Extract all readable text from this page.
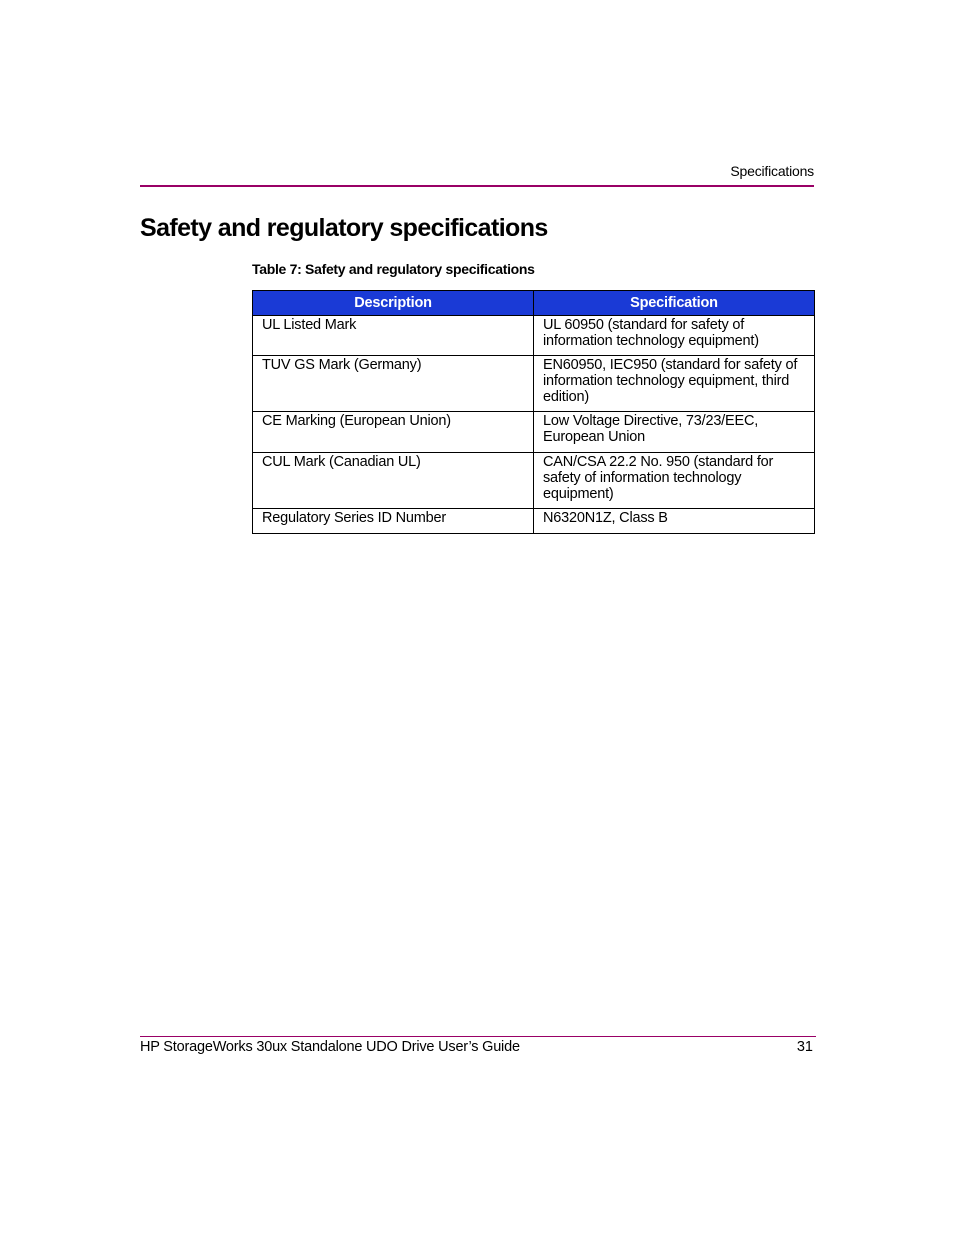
Specifications
Safety and regulatory specifications
Table 7: Safety and regulatory specifications
Description	Specification
UL Listed Mark	UL 60950 (standard for safety of information technology equipment)
TUV GS Mark (Germany)	EN60950, IEC950 (standard for safety of information technology equipment, third edition)
CE Marking (European Union)	Low Voltage Directive, 73/23/EEC, European Union
CUL Mark (Canadian UL)	CAN/CSA 22.2 No. 950 (standard for safety of information technology equipment)
Regulatory Series ID Number	N6320N1Z, Class B
HP StorageWorks 30ux Standalone UDO Drive User’s Guide	31
